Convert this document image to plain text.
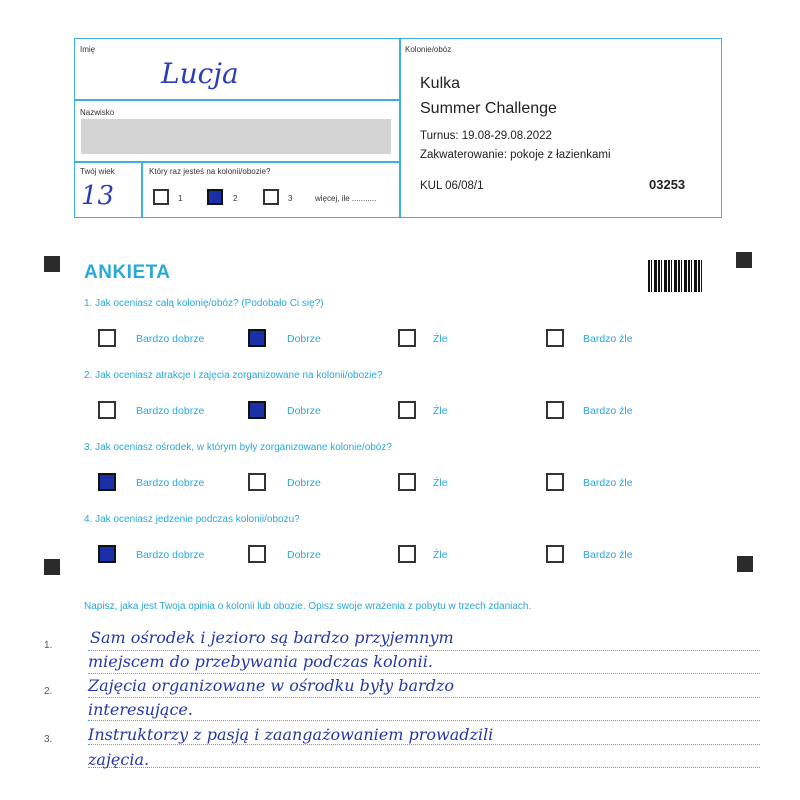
Imię
Lucja
Nazwisko
Twój wiek
13
Który raz jesteś na kolonii/obozie?
1	2	3	więcej, ile ...........
Kolonie/obóz
Kulka
Summer Challenge
Turnus: 19.08-29.08.2022
Zakwaterowanie: pokoje z łazienkami
KUL 06/08/1	03253
ANKIETA
1. Jak oceniasz całą kolonię/obóz? (Podobało Ci się?)
Bardzo dobrze	Dobrze	Źle	Bardzo źle
2. Jak oceniasz atrakcje i zajęcia zorganizowane na kolonii/obozie?
Bardzo dobrze	Dobrze	Źle	Bardzo źle
3. Jak oceniasz ośrodek, w którym były zorganizowane kolonie/obóz?
Bardzo dobrze	Dobrze	Źle	Bardzo źle
4. Jak oceniasz jedzenie podczas kolonii/obozu?
Bardzo dobrze	Dobrze	Źle	Bardzo źle
Napisz, jaka jest Twoja opinia o kolonii lub obozie. Opisz swoje wrażenia z pobytu w trzech zdaniach.
1.
2.
3.
Sam ośrodek i jezioro są bardzo przyjemnym
miejscem do przebywania podczas kolonii.
Zajęcia organizowane w ośrodku były bardzo
interesujące.
Instruktorzy z pasją i zaangażowaniem prowadzili
zajęcia.
